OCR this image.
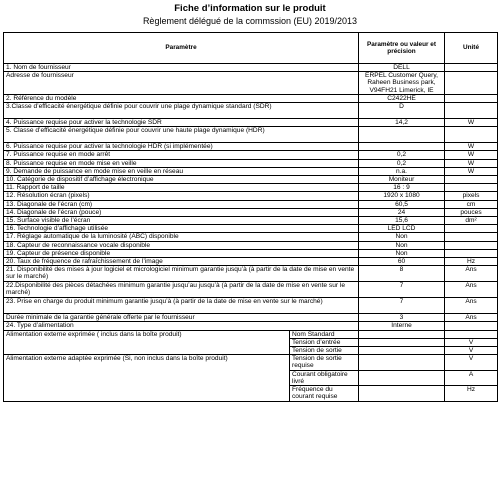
Fiche d’information sur le produit
Règlement délégué de la commssion (EU) 2019/2013
Paramètre		Paramètre ou valeur et précision	Unité
1. Nom de fournisseur		DELL	
Adresse de fournisseur		ERPEL Customer Query, Raheen Business park, V94FH21 Limerick, IE	
2. Référence du modèle		C2422HE	
3.Classe d’efficacité énergétique définie pour couvrir une plage dynamique standard (SDR)		D	
4. Puissance requise pour activer la technologie SDR		14,2	W
5. Classe d’efficacité énergétique définie pour couvrir une haute plage dynamique (HDR)			
6. Puissance requise pour activer la technologie HDR (si implémentée)			W
7. Puissance requise en mode arrêt		0,2	W
8. Puissance requise en mode mise en veille		0,2	W
9. Demande de puissance en mode mise en veille en réseau		n.a.	W
10. Catégorie de dispositif d’affichage électronique		Moniteur	
11. Rapport de taille		16 : 9	
12. Résolution écran (pixels)		1920 x 1080	pixels
13. Diagonale de l’écran (cm)		60,5	cm
14. Diagonale de l’écran (pouce)		24	pouces
15. Surface visible de l’écran		15,6	dm²
16. Technologie d’affichage utilisée		LED LCD	
17. Réglage automatique de la luminosité (ABC) disponible		Non	
18. Capteur de reconnaissance vocale disponible		Non	
19. Capteur de présence disponible		Non	
20. Taux de fréquence de rafraîchissement de l’image		60	Hz
21. Disponibilité des mises à jour logiciel et micrologiciel minimum garantie jusqu’à (à partir de la date de mise en vente sur le marché)		8	Ans
22.Disponibilité des pièces détachées minimum garantie jusqu’au jusqu’à (à partir de la date de mise en vente sur le marché)		7	Ans
23. Prise en charge du produit minimum garantie jusqu’à (à partir de la date de mise en vente sur le marché)		7	Ans
Durée minimale de la garantie générale offerte par le fournisseur		3	Ans
24. Type d’alimentation		Interne	
Alimentation externe exprimée ( inclus dans la boîte produit)	Nom Standard		
	Tension d’entrée		V
	Tension de sortie		V
Alimentation externe adaptée exprimée (Si, non inclus dans la boîte produit)	Tension de sortie requise		V
	Courant obligatoire livré		A
	Fréquence du courant requise		Hz
